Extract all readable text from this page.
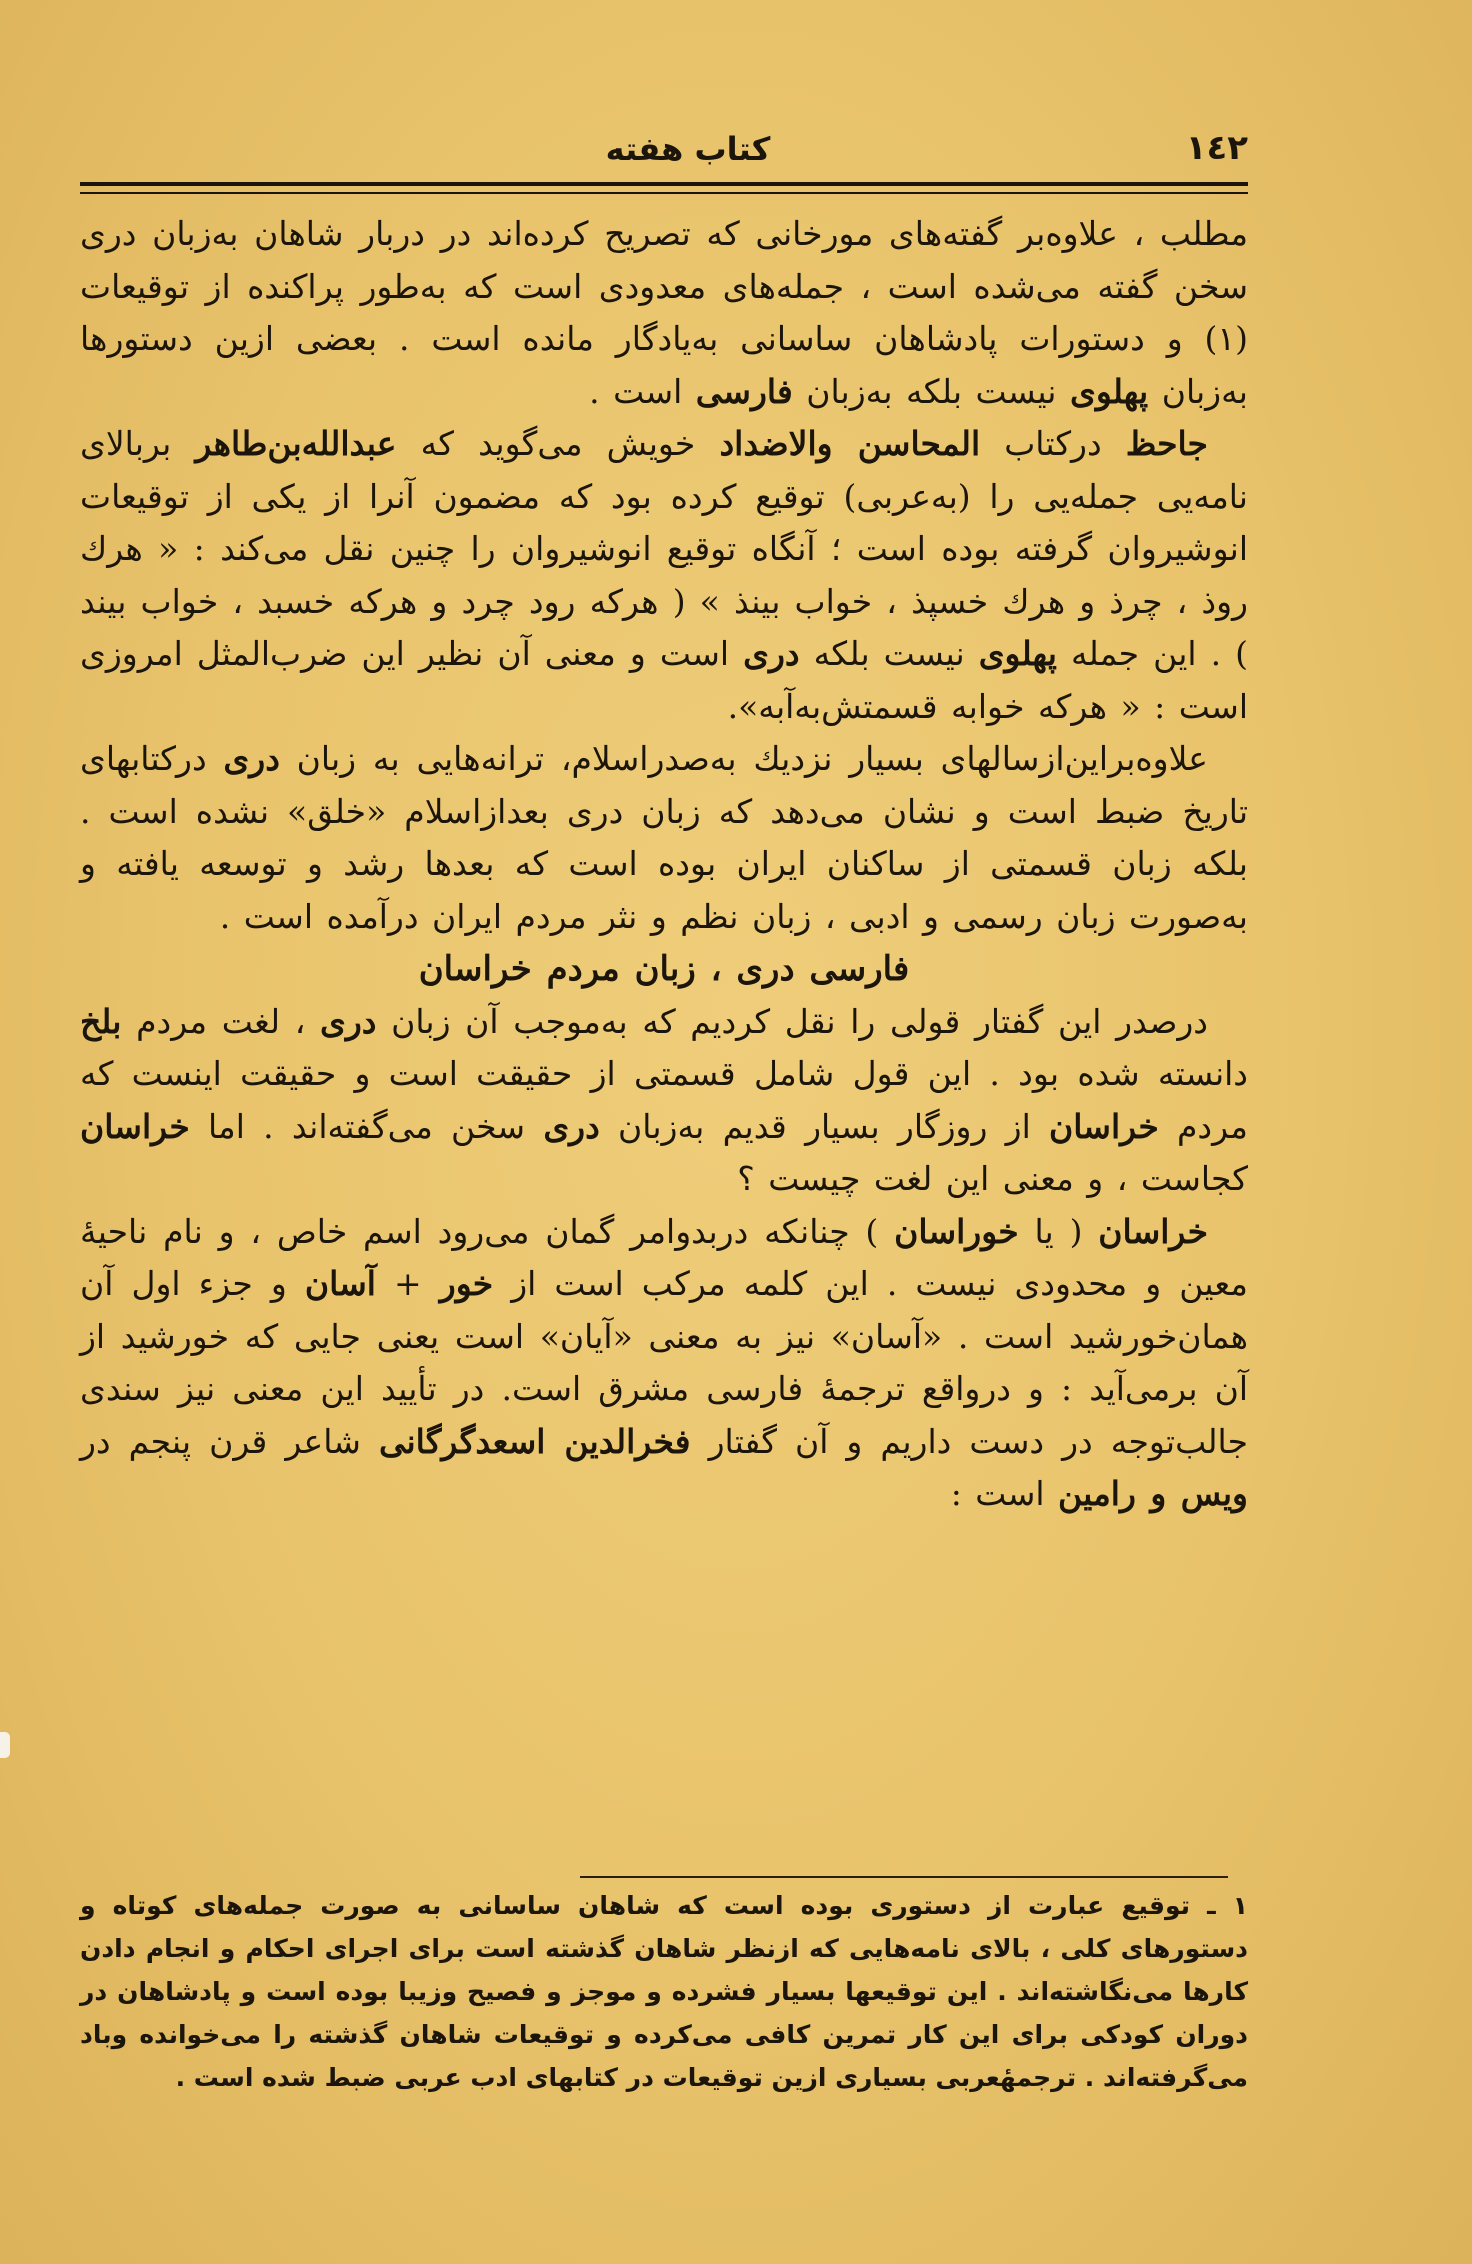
١٤٢
کتاب هفته

مطلب ، علاوه‌بر گفته‌های مورخانی که تصریح کرده‌اند در دربار شاهان به‌زبان دری سخن گفته می‌شده است ، جمله‌های معدودی است که به‌طور پراکنده از توقیعات (۱) و دستورات پادشاهان ساسانی به‌یادگار مانده است . بعضی ازین دستورها به‌زبان پهلوی نیست بلکه به‌زبان فارسی است .

جاحظ درکتاب المحاسن والاضداد خویش می‌گوید که عبدالله‌بن‌طاهر بربالای نامه‌یی جمله‌یی را (به‌عربی) توقیع کرده بود که مضمون آنرا از یکی از توقیعات انوشیروان گرفته بوده است ؛ آنگاه توقیع انوشیروان را چنین نقل می‌کند : « هرك روذ ، چرذ و هرك خسپذ ، خواب بینذ » ( هرکه رود چرد و هرکه خسبد ، خواب بیند ) . این جمله پهلوی نیست بلکه دری است و معنی آن نظیر این ضرب‌المثل امروزی است : « هرکه خوابه قسمتش‌به‌آبه».

علاوه‌براین‌ازسالهای بسیار نزدیك به‌صدراسلام، ترانه‌هایی به زبان دری درکتابهای تاریخ ضبط است و نشان می‌دهد که زبان دری بعدازاسلام «خلق» نشده است . بلکه زبان قسمتی از ساکنان ایران بوده است که بعدها رشد و توسعه یافته و به‌صورت زبان رسمی و ادبی ، زبان نظم و نثر مردم ایران درآمده است .

فارسی دری ، زبان مردم خراسان

درصدر این گفتار قولی را نقل کردیم که به‌موجب آن زبان دری ، لغت مردم بلخ دانسته شده بود . این قول شامل قسمتی از حقیقت است و حقیقت اینست که مردم خراسان از روزگار بسیار قدیم به‌زبان دری سخن می‌گفته‌اند . اما خراسان کجاست ، و معنی این لغت چیست ؟

خراسان ( یا خوراسان ) چنانکه دربدوامر گمان می‌رود اسم خاص ، و نام ناحیهٔ معین و محدودی نیست . این کلمه مرکب است از خور + آسان و جزء اول آن همان‌خورشید است . «آسان» نیز به معنی «آیان» است یعنی جایی که خورشید از آن برمی‌آید : و درواقع ترجمهٔ فارسی مشرق است. در تأیید این معنی نیز سندی جالب‌توجه در دست داریم و آن گفتار فخرالدین اسعدگرگانی شاعر قرن پنجم در ویس و رامین است :

۱ ـ توقیع عبارت از دستوری بوده است که شاهان ساسانی به صورت جمله‌های کوتاه و دستورهای کلی ، بالای نامه‌هایی که ازنظر شاهان گذشته است برای اجرای احکام و انجام دادن کارها می‌نگاشته‌اند . این توقیعها بسیار فشرده و موجز و فصیح وزیبا بوده است و پادشاهان در دوران کودکی برای این کار تمرین کافی می‌کرده و توقیعات شاهان گذشته را می‌خوانده وباد می‌گرفته‌اند . ترجمهٔعربی بسیاری ازین توقیعات در کتابهای ادب عربی ضبط شده است .
